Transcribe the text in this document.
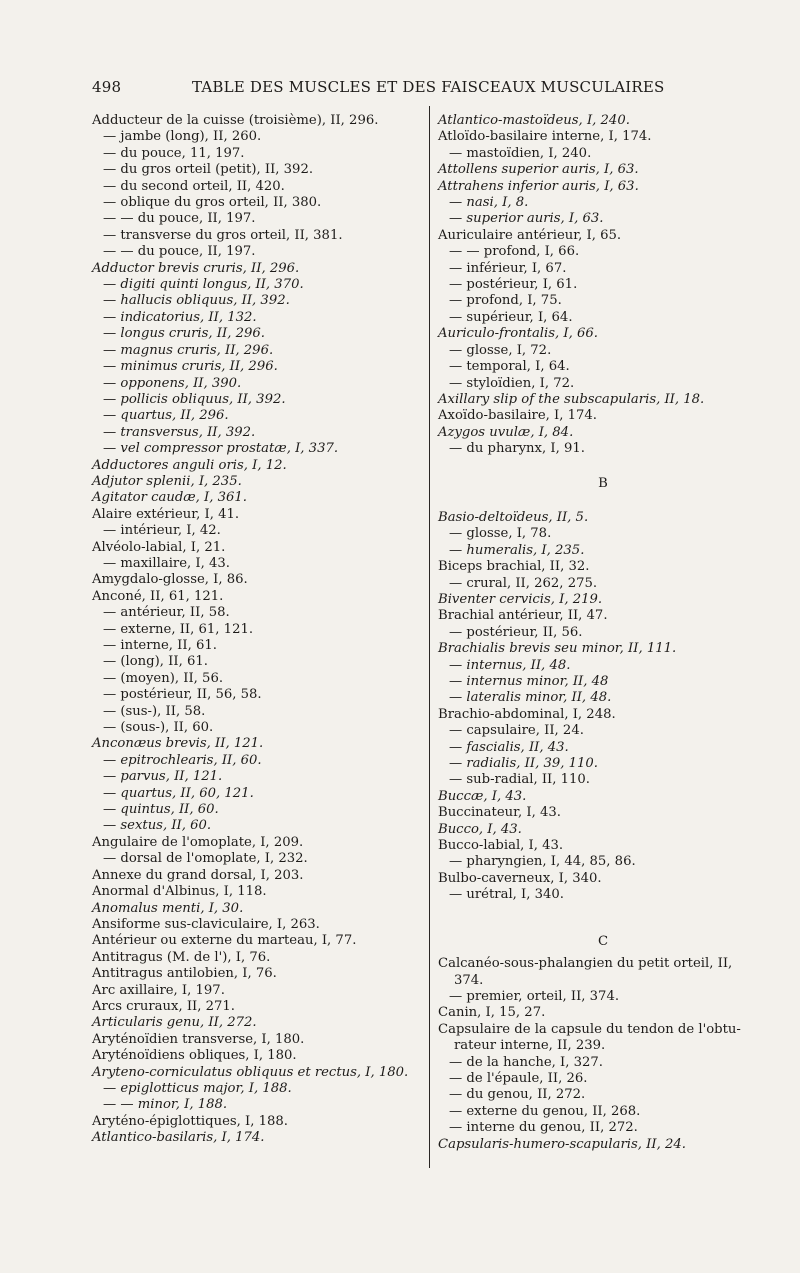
498	TABLE DES MUSCLES ET DES FAISCEAUX MUSCULAIRES
Adducteur de la cuisse (troisième), II, 296.
— jambe (long), II, 260.
— du pouce, 11, 197.
— du gros orteil (petit), II, 392.
— du second orteil, II, 420.
— oblique du gros orteil, II, 380.
— — du pouce, II, 197.
— transverse du gros orteil, II, 381.
— — du pouce, II, 197.
Adductor brevis cruris, II, 296.
— digiti quinti longus, II, 370.
— hallucis obliquus, II, 392.
— indicatorius, II, 132.
— longus cruris, II, 296.
— magnus cruris, II, 296.
— minimus cruris, II, 296.
— opponens, II, 390.
— pollicis obliquus, II, 392.
— quartus, II, 296.
— transversus, II, 392.
— vel compressor prostatæ, I, 337.
Adductores anguli oris, I, 12.
Adjutor splenii, I, 235.
Agitator caudæ, I, 361.
Alaire extérieur, I, 41.
— intérieur, I, 42.
Alvéolo-labial, I, 21.
— maxillaire, I, 43.
Amygdalo-glosse, I, 86.
Anconé, II, 61, 121.
— antérieur, II, 58.
— externe, II, 61, 121.
— interne, II, 61.
— (long), II, 61.
— (moyen), II, 56.
— postérieur, II, 56, 58.
— (sus-), II, 58.
— (sous-), II, 60.
Anconæus brevis, II, 121.
— epitrochlearis, II, 60.
— parvus, II, 121.
— quartus, II, 60, 121.
— quintus, II, 60.
— sextus, II, 60.
Angulaire de l'omoplate, I, 209.
— dorsal de l'omoplate, I, 232.
Annexe du grand dorsal, I, 203.
Anormal d'Albinus, I, 118.
Anomalus menti, I, 30.
Ansiforme sus-claviculaire, I, 263.
Antérieur ou externe du marteau, I, 77.
Antitragus (M. de l'), I, 76.
Antitragus antilobien, I, 76.
Arc axillaire, I, 197.
Arcs cruraux, II, 271.
Articularis genu, II, 272.
Aryténoïdien transverse, I, 180.
Aryténoïdiens obliques, I, 180.
Aryteno-corniculatus obliquus et rectus, I, 180.
— epiglotticus major, I, 188.
— — minor, I, 188.
Aryténo-épiglottiques, I, 188.
Atlantico-basilaris, I, 174.
Atlantico-mastoïdeus, I, 240.
Atloïdo-basilaire interne, I, 174.
— mastoïdien, I, 240.
Attollens superior auris, I, 63.
Attrahens inferior auris, I, 63.
— nasi, I, 8.
— superior auris, I, 63.
Auriculaire antérieur, I, 65.
— — profond, I, 66.
— inférieur, I, 67.
— postérieur, I, 61.
— profond, I, 75.
— supérieur, I, 64.
Auriculo-frontalis, I, 66.
— glosse, I, 72.
— temporal, I, 64.
— styloïdien, I, 72.
Axillary slip of the subscapularis, II, 18.
Axoïdo-basilaire, I, 174.
Azygos uvulæ, I, 84.
— du pharynx, I, 91.
B
Basio-deltoïdeus, II, 5.
— glosse, I, 78.
— humeralis, I, 235.
Biceps brachial, II, 32.
— crural, II, 262, 275.
Biventer cervicis, I, 219.
Brachial antérieur, II, 47.
— postérieur, II, 56.
Brachialis brevis seu minor, II, 111.
— internus, II, 48.
— internus minor, II, 48
— lateralis minor, II, 48.
Brachio-abdominal, I, 248.
— capsulaire, II, 24.
— fascialis, II, 43.
— radialis, II, 39, 110.
— sub-radial, II, 110.
Buccæ, I, 43.
Buccinateur, I, 43.
Bucco, I, 43.
Bucco-labial, I, 43.
— pharyngien, I, 44, 85, 86.
Bulbo-caverneux, I, 340.
— urétral, I, 340.
C
Calcanéo-sous-phalangien du petit orteil, II,
374.
— premier, orteil, II, 374.
Canin, I, 15, 27.
Capsulaire de la capsule du tendon de l'obtu-
rateur interne, II, 239.
— de la hanche, I, 327.
— de l'épaule, II, 26.
— du genou, II, 272.
— externe du genou, II, 268.
— interne du genou, II, 272.
Capsularis-humero-scapularis, II, 24.
